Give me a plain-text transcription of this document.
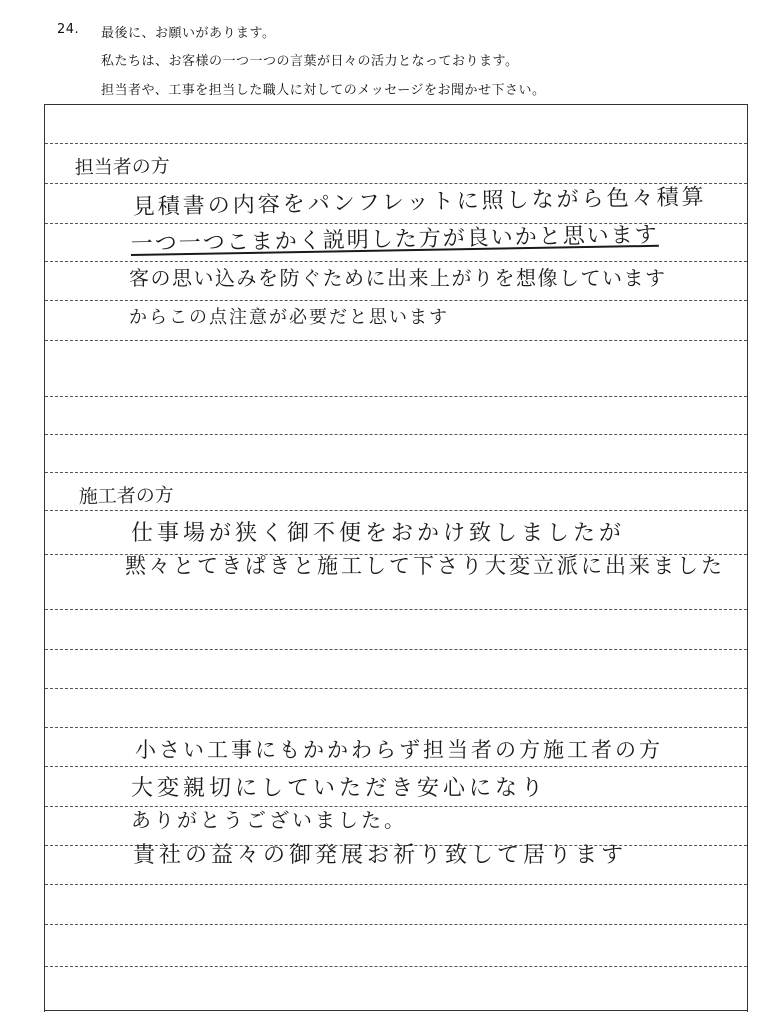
24. 最後に、お願いがあります。
私たちは、お客様の一つ一つの言葉が日々の活力となっております。
担当者や、工事を担当した職人に対してのメッセージをお聞かせ下さい。
担当者の方
見積書の内容をパンフレットに照しながら色々積算
一つ一つこまかく説明した方が良いかと思います
客の思い込みを防ぐために出来上がりを想像しています
からこの点注意が必要だと思います
施工者の方
仕事場が狭く御不便をおかけ致しましたが
黙々とてきぱきと施工して下さり大変立派に出来ました
小さい工事にもかかわらず担当者の方施工者の方
大変親切にしていただき安心になり
ありがとうございました。
貴社の益々の御発展お祈り致して居ります
